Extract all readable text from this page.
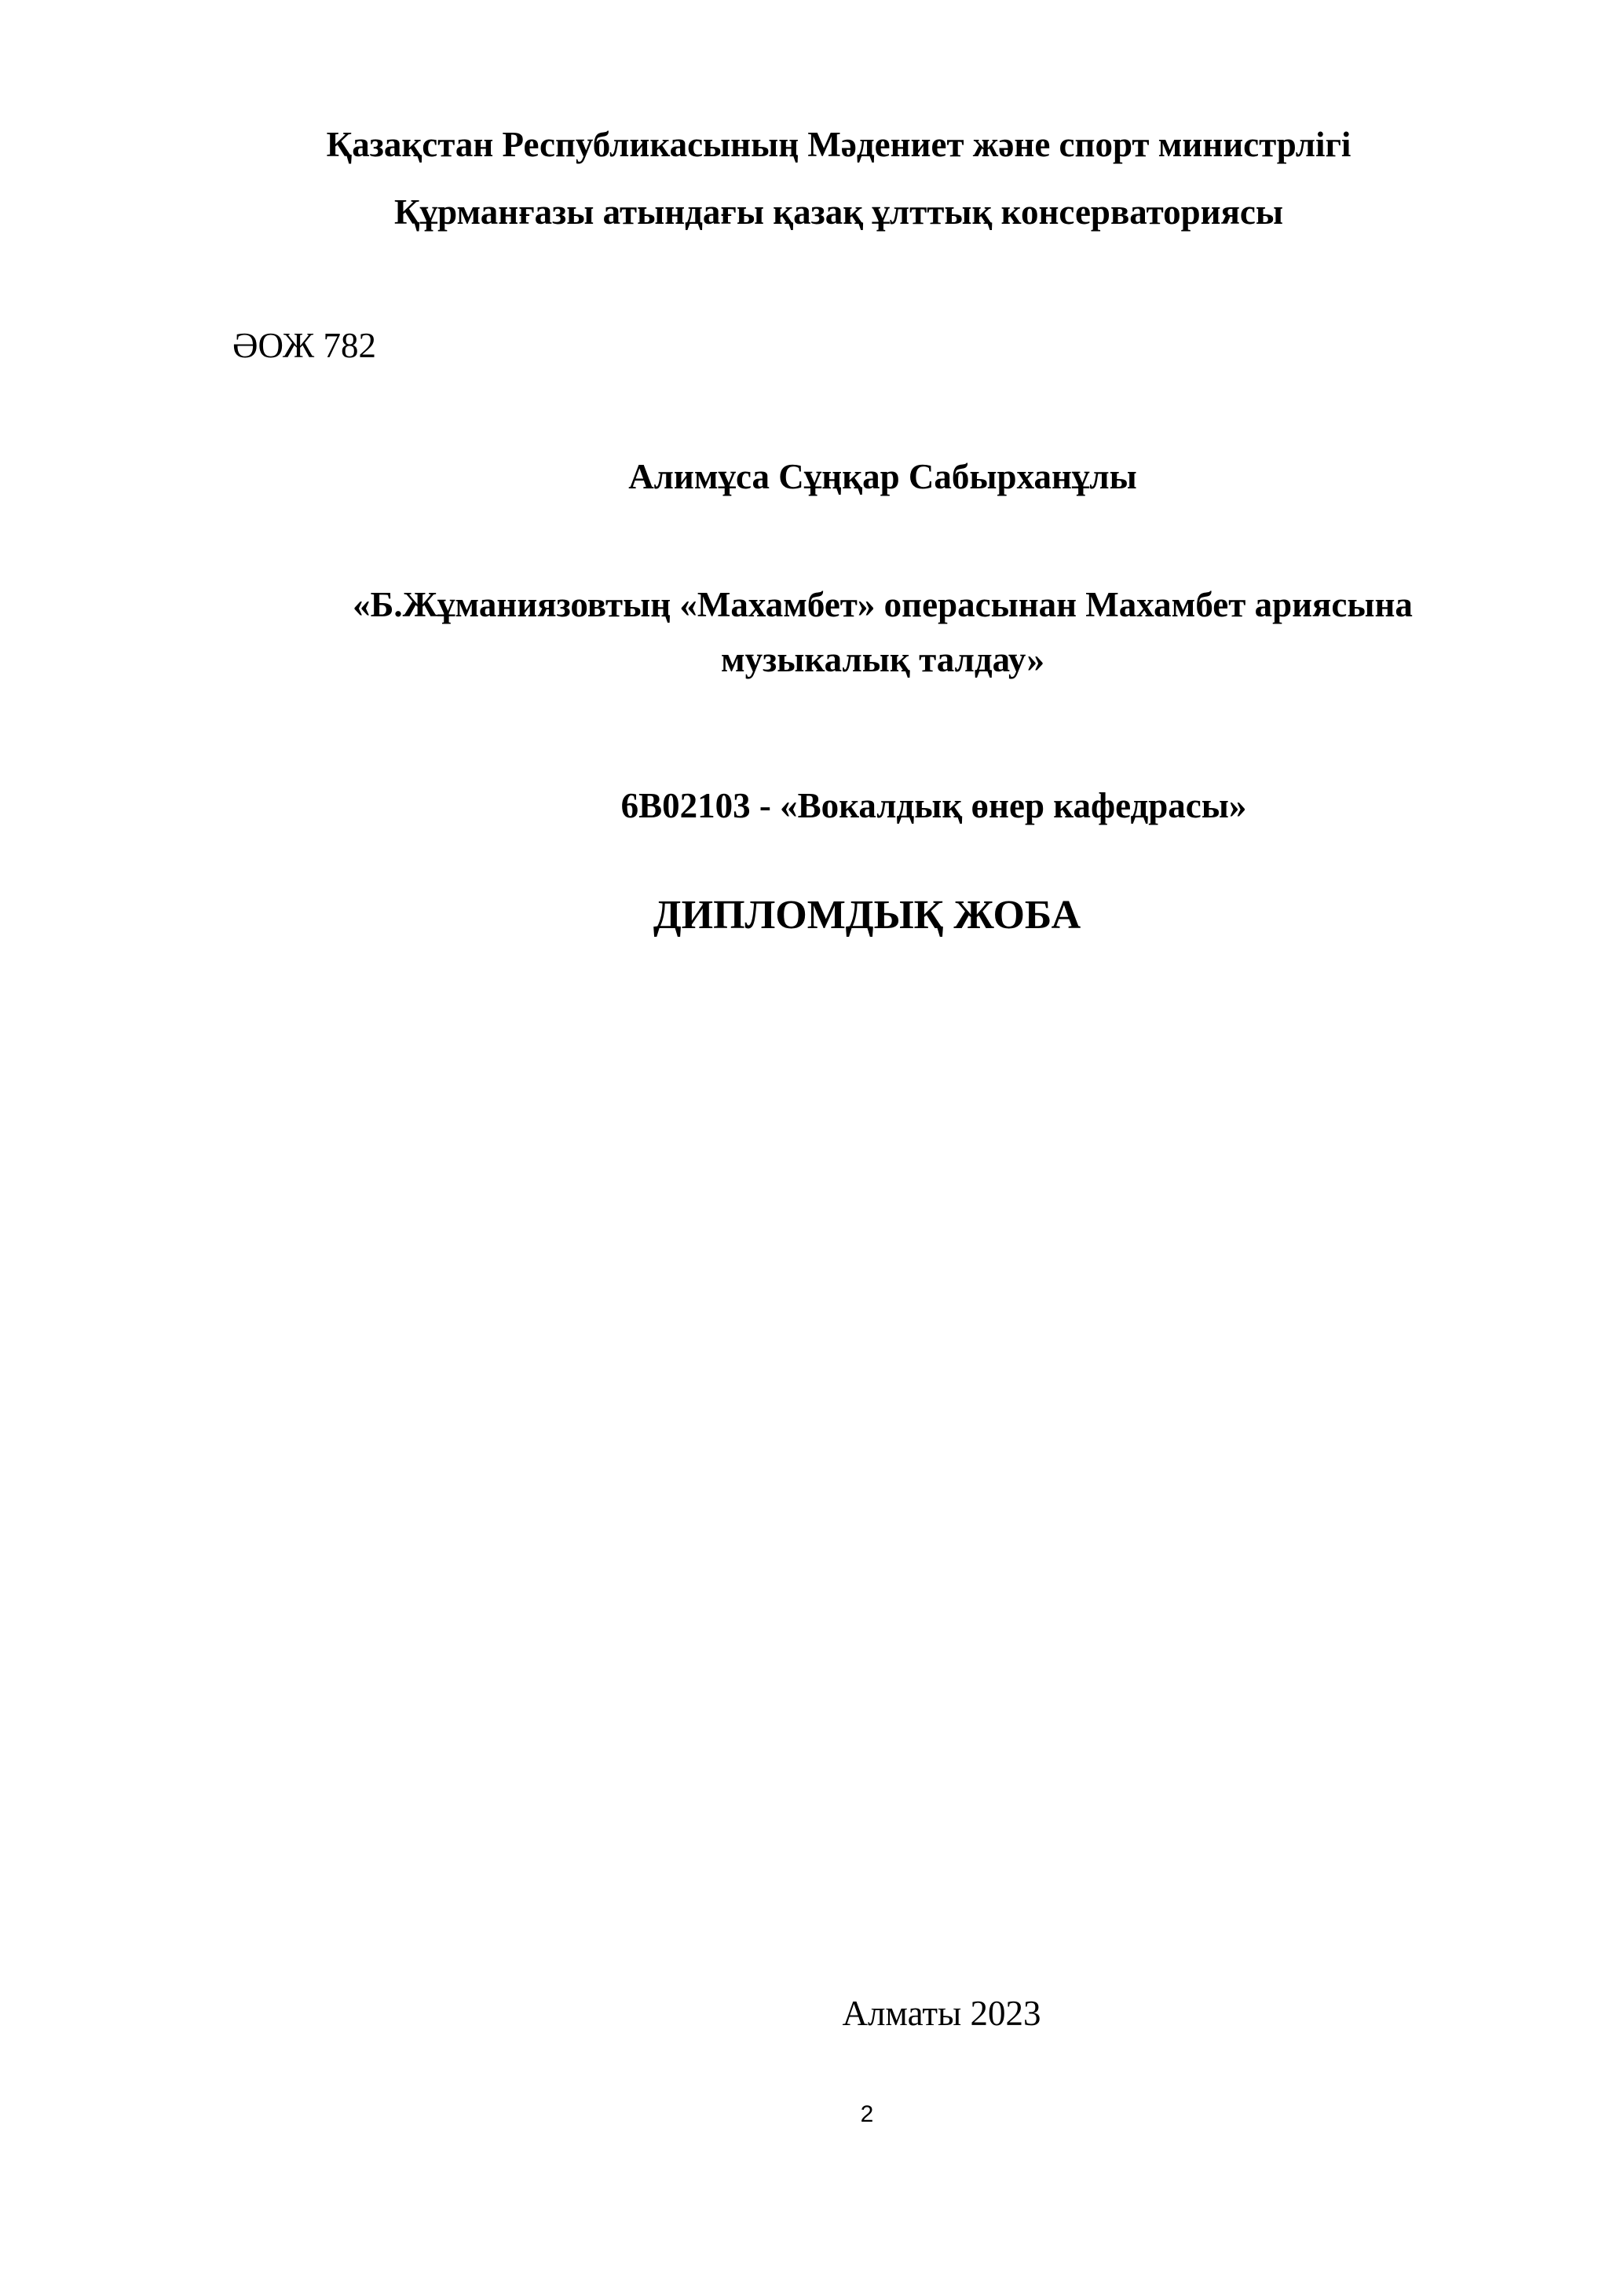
Қазақстан Республикасының Мәдениет және спорт министрлігі
Құрманғазы атындағы қазақ ұлттық консерваториясы
ӘОЖ 782
Алимұса Сұңқар Сабырханұлы
«Б.Жұманиязовтың «Махамбет» операсынан Махамбет ариясына
музыкалық талдау»
6В02103 - «Вокалдық өнер кафедрасы»
ДИПЛОМДЫҚ ЖОБА
Алматы 2023
2
